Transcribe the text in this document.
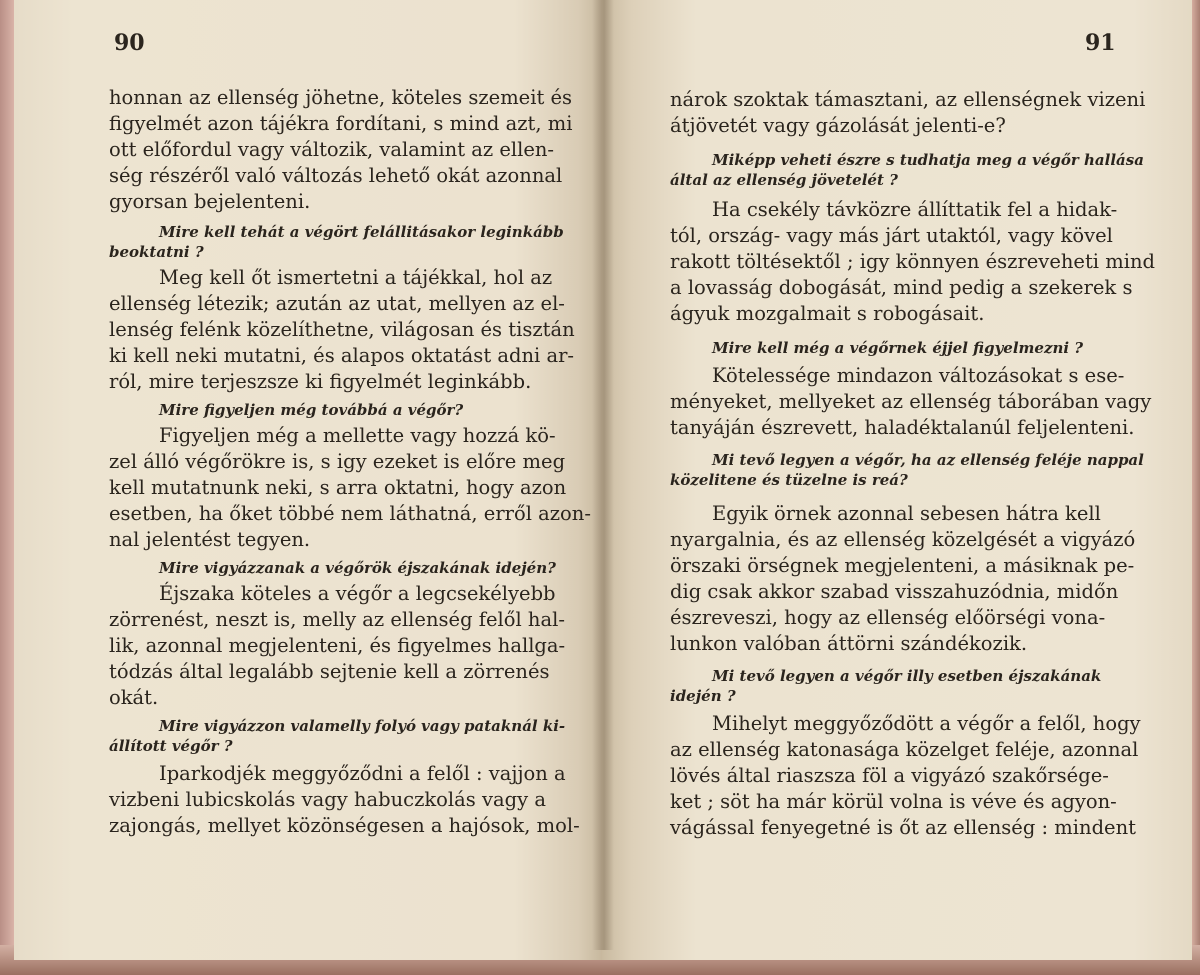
90
honnan az ellenség jöhetne, köteles szemeit és
figyelmét azon tájékra fordítani, s mind azt, mi
ott előfordul vagy változik, valamint az ellen-
ség részéről való változás lehető okát azonnal
gyorsan bejelenteni.
Mire kell tehát a végört felállitásakor leginkább
beoktatni ?
Meg kell őt ismertetni a tájékkal, hol az
ellenség létezik; azután az utat, mellyen az el-
lenség felénk közelíthetne, világosan és tisztán
ki kell neki mutatni, és alapos oktatást adni ar-
ról, mire terjeszsze ki figyelmét leginkább.
Mire figyeljen még továbbá a végőr?
Figyeljen még a mellette vagy hozzá kö-
zel álló végőrökre is, s igy ezeket is előre meg
kell mutatnunk neki, s arra oktatni, hogy azon
esetben, ha őket többé nem láthatná, erről azon-
nal jelentést tegyen.
Mire vigyázzanak a végőrök éjszakának idején?
Éjszaka köteles a végőr a legcsekélyebb
zörrenést, neszt is, melly az ellenség felől hal-
lik, azonnal megjelenteni, és figyelmes hallga-
tódzás által legalább sejtenie kell a zörrenés
okát.
Mire vigyázzon valamelly folyó vagy pataknál ki-
állított végőr ?
Iparkodjék meggyőződni a felől : vajjon a
vizbeni lubicskolás vagy habuczkolás vagy a
zajongás, mellyet közönségesen a hajósok, mol-
91
nárok szoktak támasztani, az ellenségnek vizeni
átjövetét vagy gázolását jelenti-e?
Miképp veheti észre s tudhatja meg a végőr hallása
által az ellenség jövetelét ?
Ha csekély távközre állíttatik fel a hidak-
tól, ország- vagy más járt utaktól, vagy kövel
rakott töltésektől ; igy könnyen észreveheti mind
a lovasság dobogását, mind pedig a szekerek s
ágyuk mozgalmait s robogásait.
Mire kell még a végőrnek éjjel figyelmezni ?
Kötelessége mindazon változásokat s ese-
ményeket, mellyeket az ellenség táborában vagy
tanyáján észrevett, haladéktalanúl feljelenteni.
Mi tevő legyen a végőr, ha az ellenség feléje nappal
közelitene és tüzelne is reá?
Egyik örnek azonnal sebesen hátra kell
nyargalnia, és az ellenség közelgését a vigyázó
örszaki örségnek megjelenteni, a másiknak pe-
dig csak akkor szabad visszahuzódnia, midőn
észreveszi, hogy az ellenség előörségi vona-
lunkon valóban áttörni szándékozik.
Mi tevő legyen a végőr illy esetben éjszakának
idején ?
Mihelyt meggyőződött a végőr a felől, hogy
az ellenség katonasága közelget feléje, azonnal
lövés által riaszsza föl a vigyázó szakőrsége-
ket ; söt ha már körül volna is véve és agyon-
vágással fenyegetné is őt az ellenség : mindent
